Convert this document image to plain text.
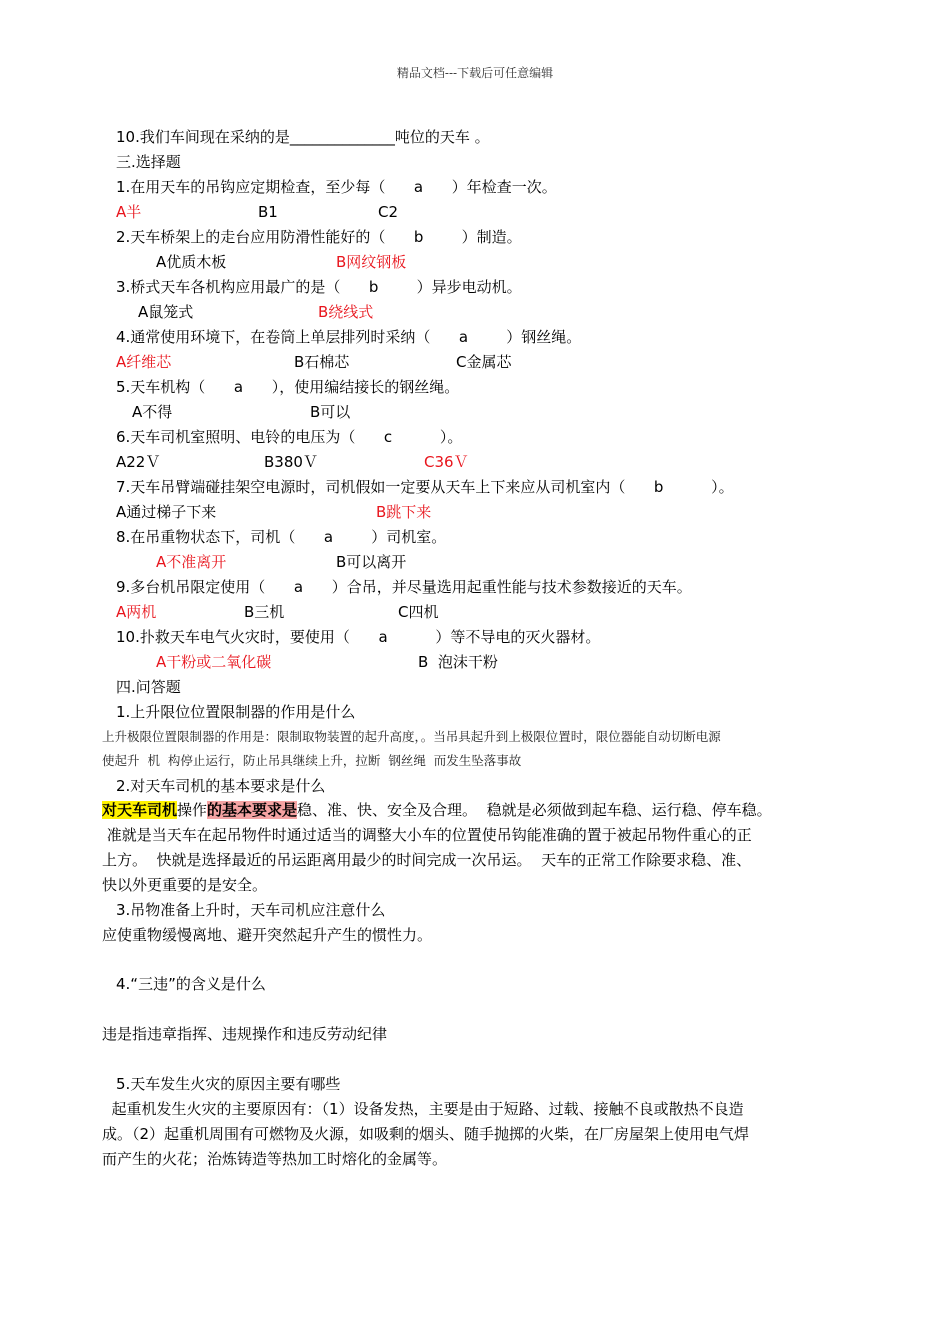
精品文档---下载后可任意编辑
10.我们车间现在采纳的是______________吨位的天车 。
三.选择题
1.在用天车的吊钩应定期检查，至少每（      a      ）年检查一次。
A半	B1	C2
2.天车桥架上的走台应用防滑性能好的（      b        ）制造。
A优质木板	B网纹钢板
3.桥式天车各机构应用最广的是（      b        ）异步电动机。
A鼠笼式	B绕线式
4.通常使用环境下，在卷筒上单层排列时采纳（      a        ）钢丝绳。
A纤维芯	B石棉芯	C金属芯
5.天车机构（      a      ），使用编结接长的钢丝绳。
A不得	B可以
6.天车司机室照明、电铃的电压为（      c          ）。
A22Ｖ	B380Ｖ	C36Ｖ
7.天车吊臂端碰挂架空电源时，司机假如一定要从天车上下来应从司机室内（      b          ）。
A通过梯子下来	B跳下来
8.在吊重物状态下，司机（      a        ）司机室。
A不准离开	B可以离开
9.多台机吊限定使用（      a      ）合吊，并尽量选用起重性能与技术参数接近的天车。
A两机	B三机	C四机
10.扑救天车电气火灾时，要使用（      a          ）等不导电的灭火器材。
A干粉或二氧化碳	B  泡沫干粉
四.问答题
1.上升限位位置限制器的作用是什么
上升极限位置限制器的作用是：限制取物装置的起升高度，。当吊具起升到上极限位置时，限位器能自动切断电源
使起升  机  构停止运行，防止吊具继续上升，拉断  钢丝绳  而发生坠落事故
2.对天车司机的基本要求是什么
对天车司机操作的基本要求是稳、准、快、安全及合理。  稳就是必须做到起车稳、运行稳、停车稳。
准就是当天车在起吊物件时通过适当的调整大小车的位置使吊钩能准确的置于被起吊物件重心的正
上方。  快就是选择最近的吊运距离用最少的时间完成一次吊运。  天车的正常工作除要求稳、准、
快以外更重要的是安全。
3.吊物准备上升时，天车司机应注意什么
应使重物缓慢离地、避开突然起升产生的惯性力。
4.“三违”的含义是什么
违是指违章指挥、违规操作和违反劳动纪律
5.天车发生火灾的原因主要有哪些
起重机发生火灾的主要原因有：（1）设备发热，主要是由于短路、过载、接触不良或散热不良造
成。（2）起重机周围有可燃物及火源，如吸剩的烟头、随手抛掷的火柴，在厂房屋架上使用电气焊
而产生的火花；治炼铸造等热加工时熔化的金属等。
